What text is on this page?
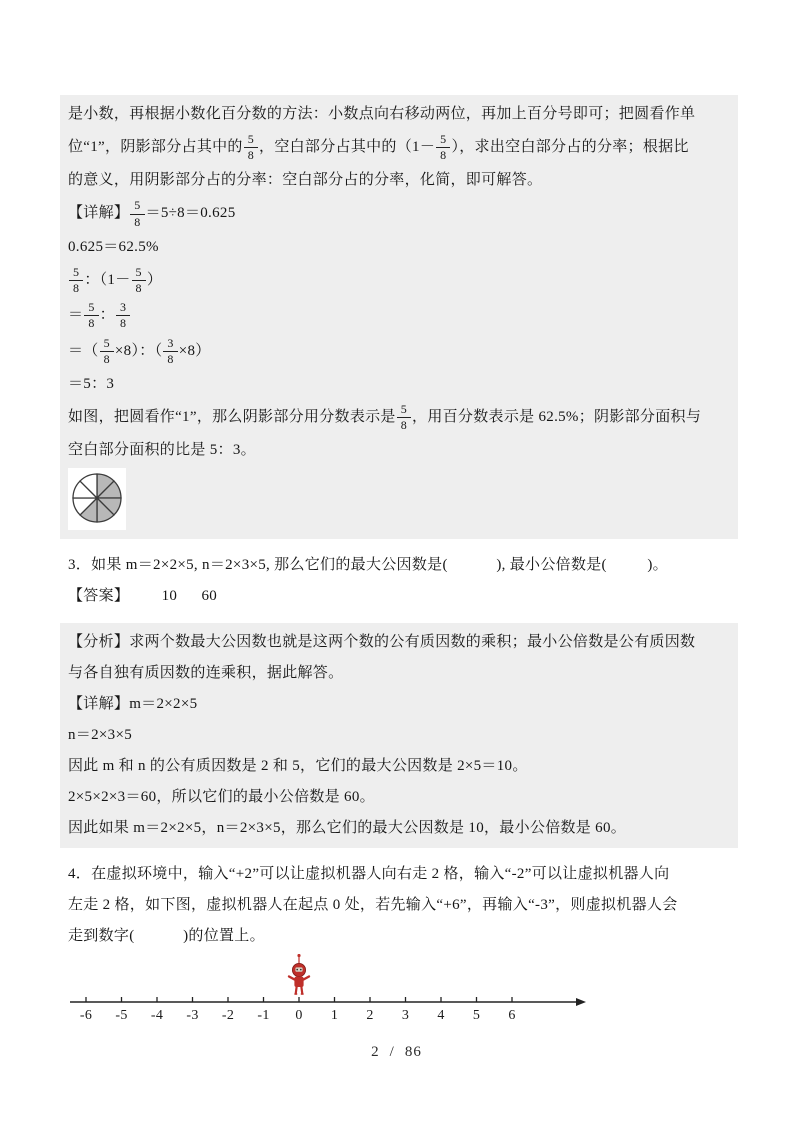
是小数，再根据小数化百分数的方法：小数点向右移动两位，再加上百分号即可；把圆看作单
位“1”，阴影部分占其中的 $\frac{5}{8}$ ，空白部分占其中的（$1- \frac{5}{8}$ ），求出空白部分占的分率；根据比
的意义，用阴影部分占的分率：空白部分占的分率，化简，即可解答。
【详解】 $\frac{5}{8} =5\div 8=0.625$
0.625＝62.5%
$\frac{5}{8}$ ：（$1- \frac{5}{8}$ ）
＝ $\frac{5}{8}$ ： $\frac{3}{8}$
＝（ $\frac{5}{8} \times 8$）：（ $\frac{3}{8} \times 8$）
＝5：3
如图，把圆看作“1”，那么阴影部分用分数表示是 $\frac{5}{8}$ ，用百分数表示是 62.5%；阴影部分面积与
空白部分面积的比是 5：3。
3．如果 m＝2×2×5, n＝2×3×5, 那么它们的最大公因数是(            ), 最小公倍数是(          )。
【答案】        10      60
【分析】求两个数最大公因数也就是这两个数的公有质因数的乘积；最小公倍数是公有质因数
与各自独有质因数的连乘积，据此解答。
【详解】m＝2×2×5
n＝2×3×5
因此 m 和 n 的公有质因数是 2 和 5，它们的最大公因数是 2×5＝10。
2×5×2×3＝60，所以它们的最小公倍数是 60。
因此如果 m＝2×2×5，n＝2×3×5，那么它们的最大公因数是 10，最小公倍数是 60。
4．在虚拟环境中，输入“+2”可以让虚拟机器人向右走 2 格，输入“-2”可以让虚拟机器人向
左走 2 格，如下图，虚拟机器人在起点 0 处，若先输入“+6”，再输入“-3”，则虚拟机器人会
走到数字(            )的位置上。
-6 -5 -4 -3 -2 -1 0 1 2 3 4 5 6
2 / 86
